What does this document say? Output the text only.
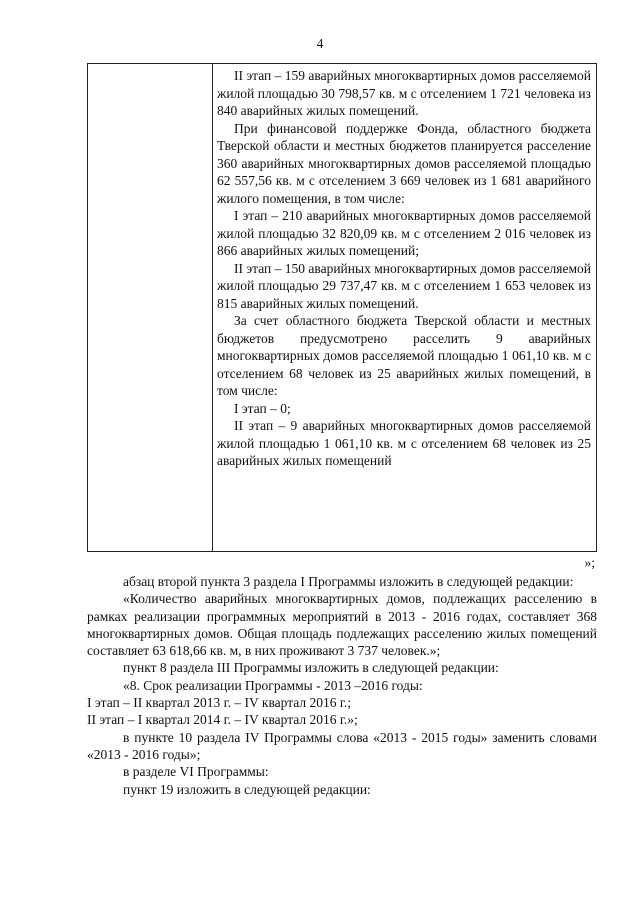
4

II этап – 159 аварийных многоквартирных домов расселяемой жилой площадью 30 798,57 кв. м с отселением 1 721 человека из 840 аварийных жилых помещений.

При финансовой поддержке Фонда, областного бюджета Тверской области и местных бюджетов планируется расселение 360 аварийных многоквартирных домов расселяемой площадью 62 557,56 кв. м с отселением 3 669 человек из 1 681 аварийного жилого помещения, в том числе:

I этап – 210 аварийных многоквартирных домов расселяемой жилой площадью 32 820,09 кв. м с отселением 2 016 человек из 866 аварийных жилых помещений;

II этап – 150 аварийных многоквартирных домов расселяемой жилой площадью 29 737,47 кв. м с отселением 1 653 человек из 815 аварийных жилых помещений.

За счет областного бюджета Тверской области и местных бюджетов предусмотрено расселить 9 аварийных многоквартирных домов расселяемой площадью 1 061,10 кв. м с отселением 68 человек из 25 аварийных жилых помещений, в том числе:

I этап – 0;

II этап – 9 аварийных многоквартирных домов расселяемой жилой площадью 1 061,10 кв. м с отселением 68 человек из 25 аварийных жилых помещений

»;

абзац второй пункта 3 раздела I Программы изложить в следующей редакции:

«Количество аварийных многоквартирных домов, подлежащих расселению в рамках реализации программных мероприятий в 2013 - 2016 годах, составляет 368 многоквартирных домов. Общая площадь подлежащих расселению жилых помещений составляет 63 618,66 кв. м, в них проживают 3 737 человек.»;

пункт 8 раздела III Программы изложить в следующей редакции:

«8. Срок реализации Программы - 2013 –2016 годы:

I этап – II квартал 2013 г. – IV квартал 2016 г.;

II этап – I квартал 2014 г. – IV квартал 2016 г.»;

в пункте 10 раздела IV Программы слова «2013 - 2015 годы» заменить словами «2013 - 2016 годы»;

в разделе VI Программы:

пункт 19 изложить в следующей редакции:
